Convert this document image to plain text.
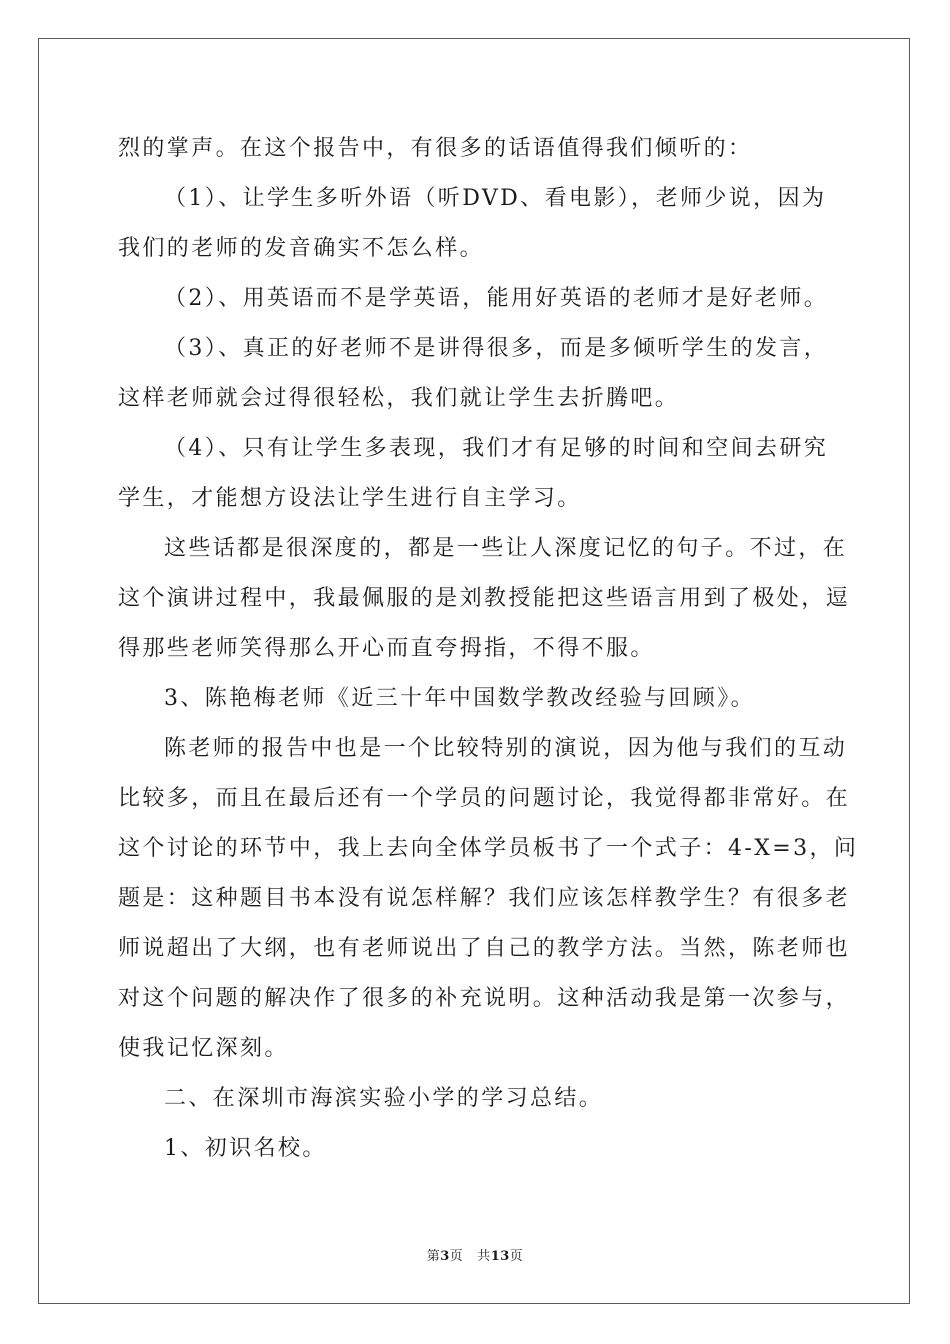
烈的掌声。在这个报告中，有很多的话语值得我们倾听的：
（1）、让学生多听外语（听DVD、看电影），老师少说，因为
我们的老师的发音确实不怎么样。
（2）、用英语而不是学英语，能用好英语的老师才是好老师。
（3）、真正的好老师不是讲得很多，而是多倾听学生的发言，
这样老师就会过得很轻松，我们就让学生去折腾吧。
（4）、只有让学生多表现，我们才有足够的时间和空间去研究
学生，才能想方设法让学生进行自主学习。
这些话都是很深度的，都是一些让人深度记忆的句子。不过，在
这个演讲过程中，我最佩服的是刘教授能把这些语言用到了极处，逗
得那些老师笑得那么开心而直夸拇指，不得不服。
3、陈艳梅老师《近三十年中国数学教改经验与回顾》。
陈老师的报告中也是一个比较特别的演说，因为他与我们的互动
比较多，而且在最后还有一个学员的问题讨论，我觉得都非常好。在
这个讨论的环节中，我上去向全体学员板书了一个式子：4-X=3，问
题是：这种题目书本没有说怎样解？我们应该怎样教学生？有很多老
师说超出了大纲，也有老师说出了自己的教学方法。当然，陈老师也
对这个问题的解决作了很多的补充说明。这种活动我是第一次参与，
使我记忆深刻。
二、在深圳市海滨实验小学的学习总结。
1、初识名校。
第3页 共13页
